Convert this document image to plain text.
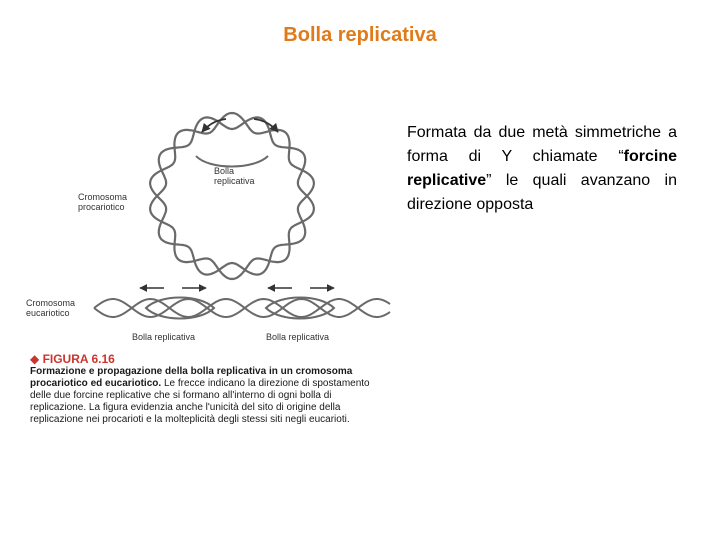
Bolla replicativa
Formata da due metà simmetriche a forma di Y chiamate “forcine replicative” le quali avanzano in direzione opposta
Bolla replicativa
Cromosoma procariotico
Cromosoma eucariotico
Bolla replicativa	Bolla replicativa
◆ FIGURA 6.16
Formazione e propagazione della bolla replicativa in un cromosoma procariotico ed eucariotico. Le frecce indicano la direzione di spostamento delle due forcine replicative che si formano all'interno di ogni bolla di replicazione. La figura evidenzia anche l'unicità del sito di origine della replicazione nei procarioti e la molteplicità degli stessi siti negli eucarioti.
